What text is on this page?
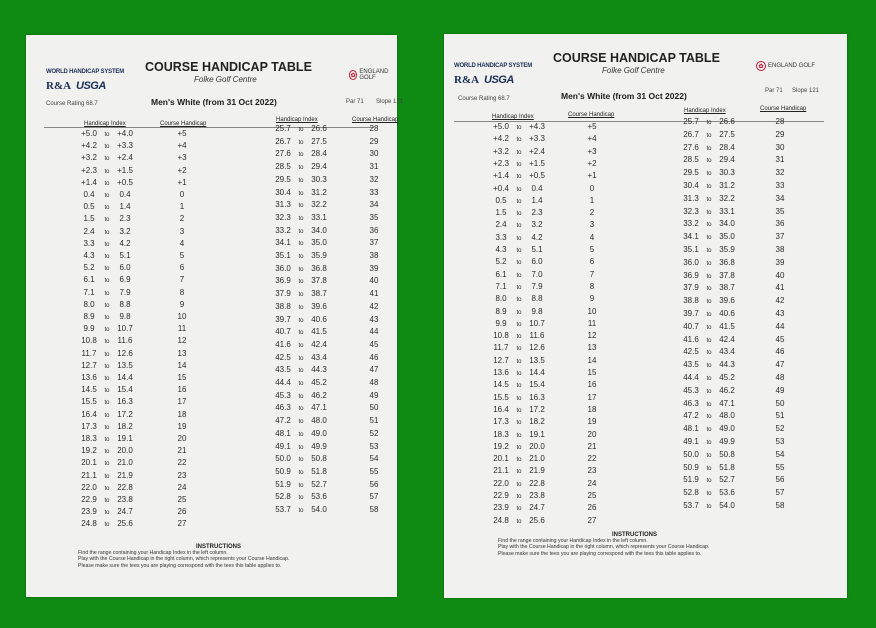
WORLD HANDICAP SYSTEM
R&A USGA
COURSE HANDICAP TABLE
Folke Golf Centre	✿
ENGLAND GOLF
Course Rating 68.7	Men's White (from 31 Oct 2022)	Par 71 Slope 121
Handicap Index	Course Handicap
Handicap Index	Course Handicap
+5.0 to +4.0	+5
+4.2 to +3.3	+4
+3.2 to +2.4	+3
+2.3 to +1.5	+2
+1.4 to +0.5	+1
0.4 to 0.4	0
0.5 to 1.4	1
1.5 to 2.3	2
2.4 to 3.2	3
3.3 to 4.2	4
4.3 to 5.1	5
5.2 to 6.0	6
6.1 to 6.9	7
7.1 to 7.9	8
8.0 to 8.8	9
8.9 to 9.8	10
9.9 to 10.7	11
10.8 to 11.6	12
11.7 to 12.6	13
12.7 to 13.5	14
13.6 to 14.4	15
14.5 to 15.4	16
15.5 to 16.3	17
16.4 to 17.2	18
17.3 to 18.2	19
18.3 to 19.1	20
19.2 to 20.0	21
20.1 to 21.0	22
21.1 to 21.9	23
22.0 to 22.8	24
22.9 to 23.8	25
23.9 to 24.7	26
24.8 to 25.6	27
25.7 to 26.6	28
26.7 to 27.5	29
27.6 to 28.4	30
28.5 to 29.4	31
29.5 to 30.3	32
30.4 to 31.2	33
31.3 to 32.2	34
32.3 to 33.1	35
33.2 to 34.0	36
34.1 to 35.0	37
35.1 to 35.9	38
36.0 to 36.8	39
36.9 to 37.8	40
37.9 to 38.7	41
38.8 to 39.6	42
39.7 to 40.6	43
40.7 to 41.5	44
41.6 to 42.4	45
42.5 to 43.4	46
43.5 to 44.3	47
44.4 to 45.2	48
45.3 to 46.2	49
46.3 to 47.1	50
47.2 to 48.0	51
48.1 to 49.0	52
49.1 to 49.9	53
50.0 to 50.8	54
50.9 to 51.8	55
51.9 to 52.7	56
52.8 to 53.6	57
53.7 to 54.0	58
INSTRUCTIONS
Find the range containing your Handicap Index in the left column.
Play with the Course Handicap in the right column, which represents your Course Handicap.
Please make sure the tees you are playing correspond with the tees this table applies to.
WORLD HANDICAP SYSTEM
R&A USGA
COURSE HANDICAP TABLE
Folke Golf Centre	✿ ENGLAND GOLF
Course Rating 68.7	Men's White (from 31 Oct 2022)	Par 71 Slope 121
Handicap Index	Course Handicap
Handicap Index	Course Handicap
+5.0 to +4.3	+5
+4.2 to +3.3	+4
+3.2 to +2.4	+3
+2.3 to +1.5	+2
+1.4 to +0.5	+1
+0.4 to 0.4	0
0.5 to 1.4	1
1.5 to 2.3	2
2.4 to 3.2	3
3.3 to 4.2	4
4.3 to 5.1	5
5.2 to 6.0	6
6.1 to 7.0	7
7.1 to 7.9	8
8.0 to 8.8	9
8.9 to 9.8	10
9.9 to 10.7	11
10.8 to 11.6	12
11.7 to 12.6	13
12.7 to 13.5	14
13.6 to 14.4	15
14.5 to 15.4	16
15.5 to 16.3	17
16.4 to 17.2	18
17.3 to 18.2	19
18.3 to 19.1	20
19.2 to 20.0	21
20.1 to 21.0	22
21.1 to 21.9	23
22.0 to 22.8	24
22.9 to 23.8	25
23.9 to 24.7	26
24.8 to 25.6	27
25.7 to 26.6	28
26.7 to 27.5	29
27.6 to 28.4	30
28.5 to 29.4	31
29.5 to 30.3	32
30.4 to 31.2	33
31.3 to 32.2	34
32.3 to 33.1	35
33.2 to 34.0	36
34.1 to 35.0	37
35.1 to 35.9	38
36.0 to 36.8	39
36.9 to 37.8	40
37.9 to 38.7	41
38.8 to 39.6	42
39.7 to 40.6	43
40.7 to 41.5	44
41.6 to 42.4	45
42.5 to 43.4	46
43.5 to 44.3	47
44.4 to 45.2	48
45.3 to 46.2	49
46.3 to 47.1	50
47.2 to 48.0	51
48.1 to 49.0	52
49.1 to 49.9	53
50.0 to 50.8	54
50.9 to 51.8	55
51.9 to 52.7	56
52.8 to 53.6	57
53.7 to 54.0	58
INSTRUCTIONS
Find the range containing your Handicap Index in the left column.
Play with the Course Handicap in the right column, which represents your Course Handicap.
Please make sure the tees you are playing correspond with the tees this table applies to.
